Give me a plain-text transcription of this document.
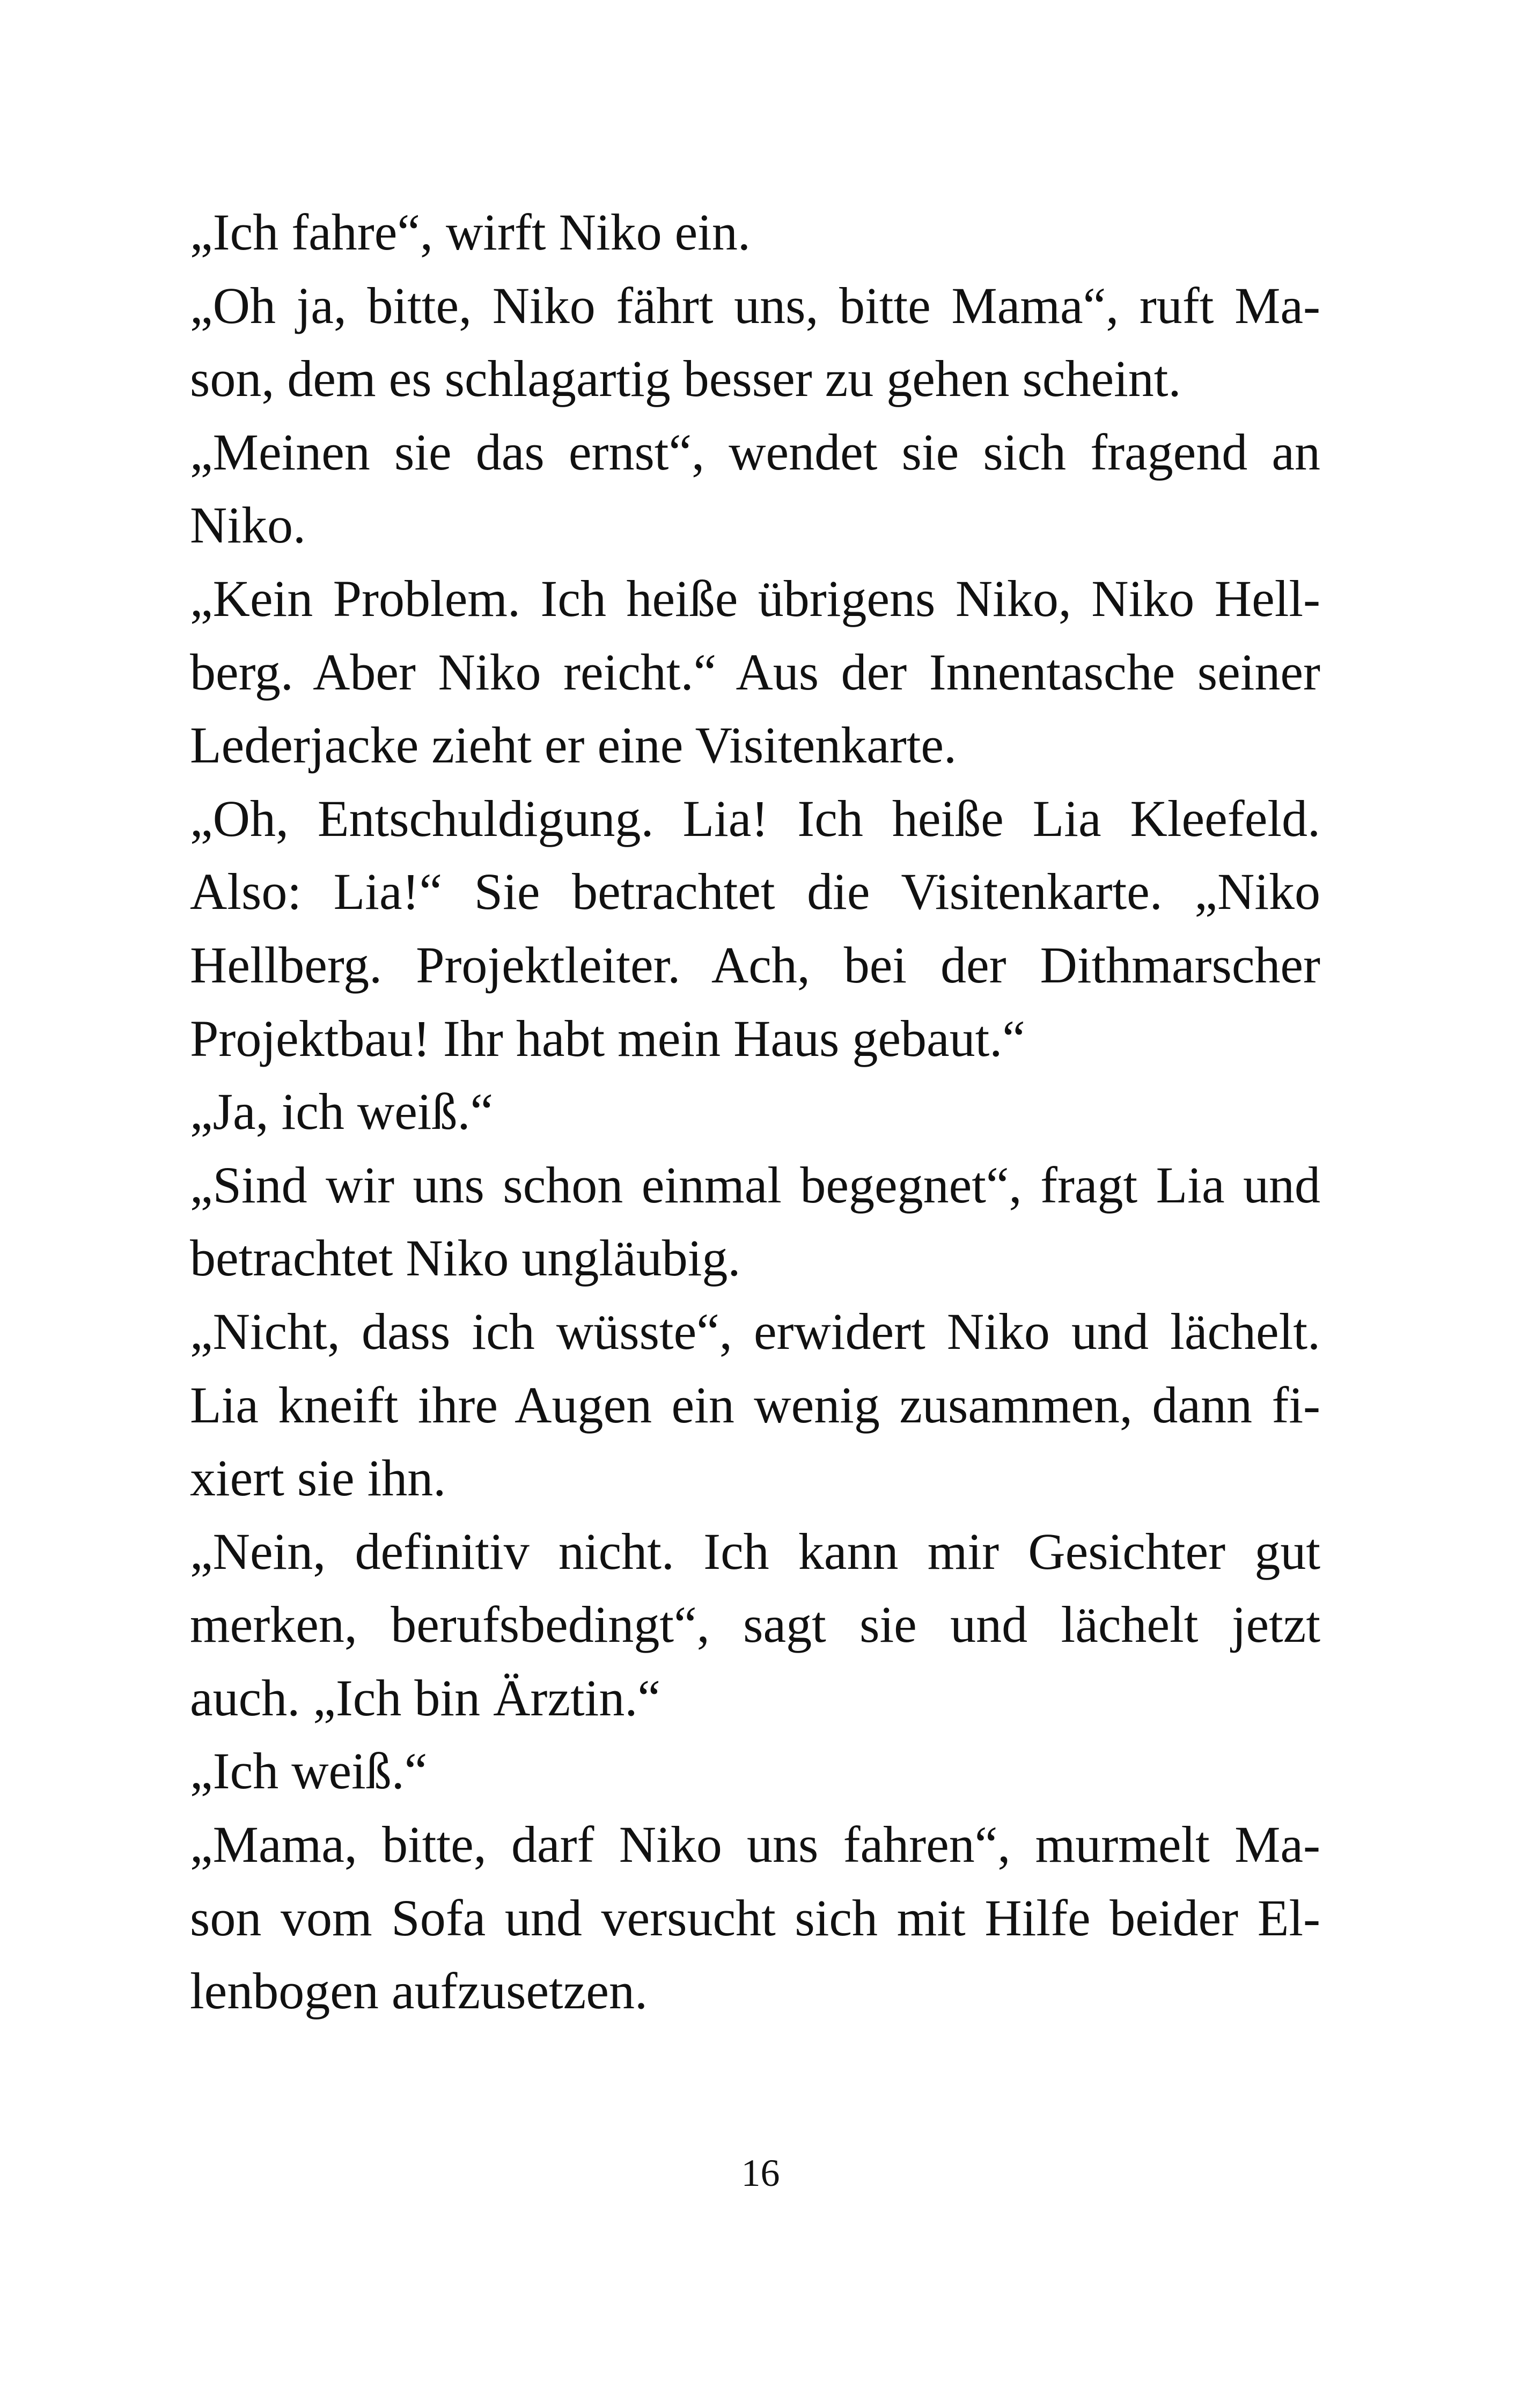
„Ich fahre“, wirft Niko ein.
„Oh ja, bitte, Niko fährt uns, bitte Mama“, ruft Ma-
son, dem es schlagartig besser zu gehen scheint.
„Meinen sie das ernst“, wendet sie sich fragend an
Niko.
„Kein Problem. Ich heiße übrigens Niko, Niko Hell-
berg. Aber Niko reicht.“ Aus der Innentasche seiner
Lederjacke zieht er eine Visitenkarte.
„Oh, Entschuldigung. Lia! Ich heiße Lia Kleefeld.
Also: Lia!“ Sie betrachtet die Visitenkarte. „Niko
Hellberg. Projektleiter. Ach, bei der Dithmarscher
Projektbau! Ihr habt mein Haus gebaut.“
„Ja, ich weiß.“
„Sind wir uns schon einmal begegnet“, fragt Lia und
betrachtet Niko ungläubig.
„Nicht, dass ich wüsste“, erwidert Niko und lächelt.
Lia kneift ihre Augen ein wenig zusammen, dann fi-
xiert sie ihn.
„Nein, definitiv nicht. Ich kann mir Gesichter gut
merken, berufsbedingt“, sagt sie und lächelt jetzt
auch. „Ich bin Ärztin.“
„Ich weiß.“
„Mama, bitte, darf Niko uns fahren“, murmelt Ma-
son vom Sofa und versucht sich mit Hilfe beider El-
lenbogen aufzusetzen.
16
